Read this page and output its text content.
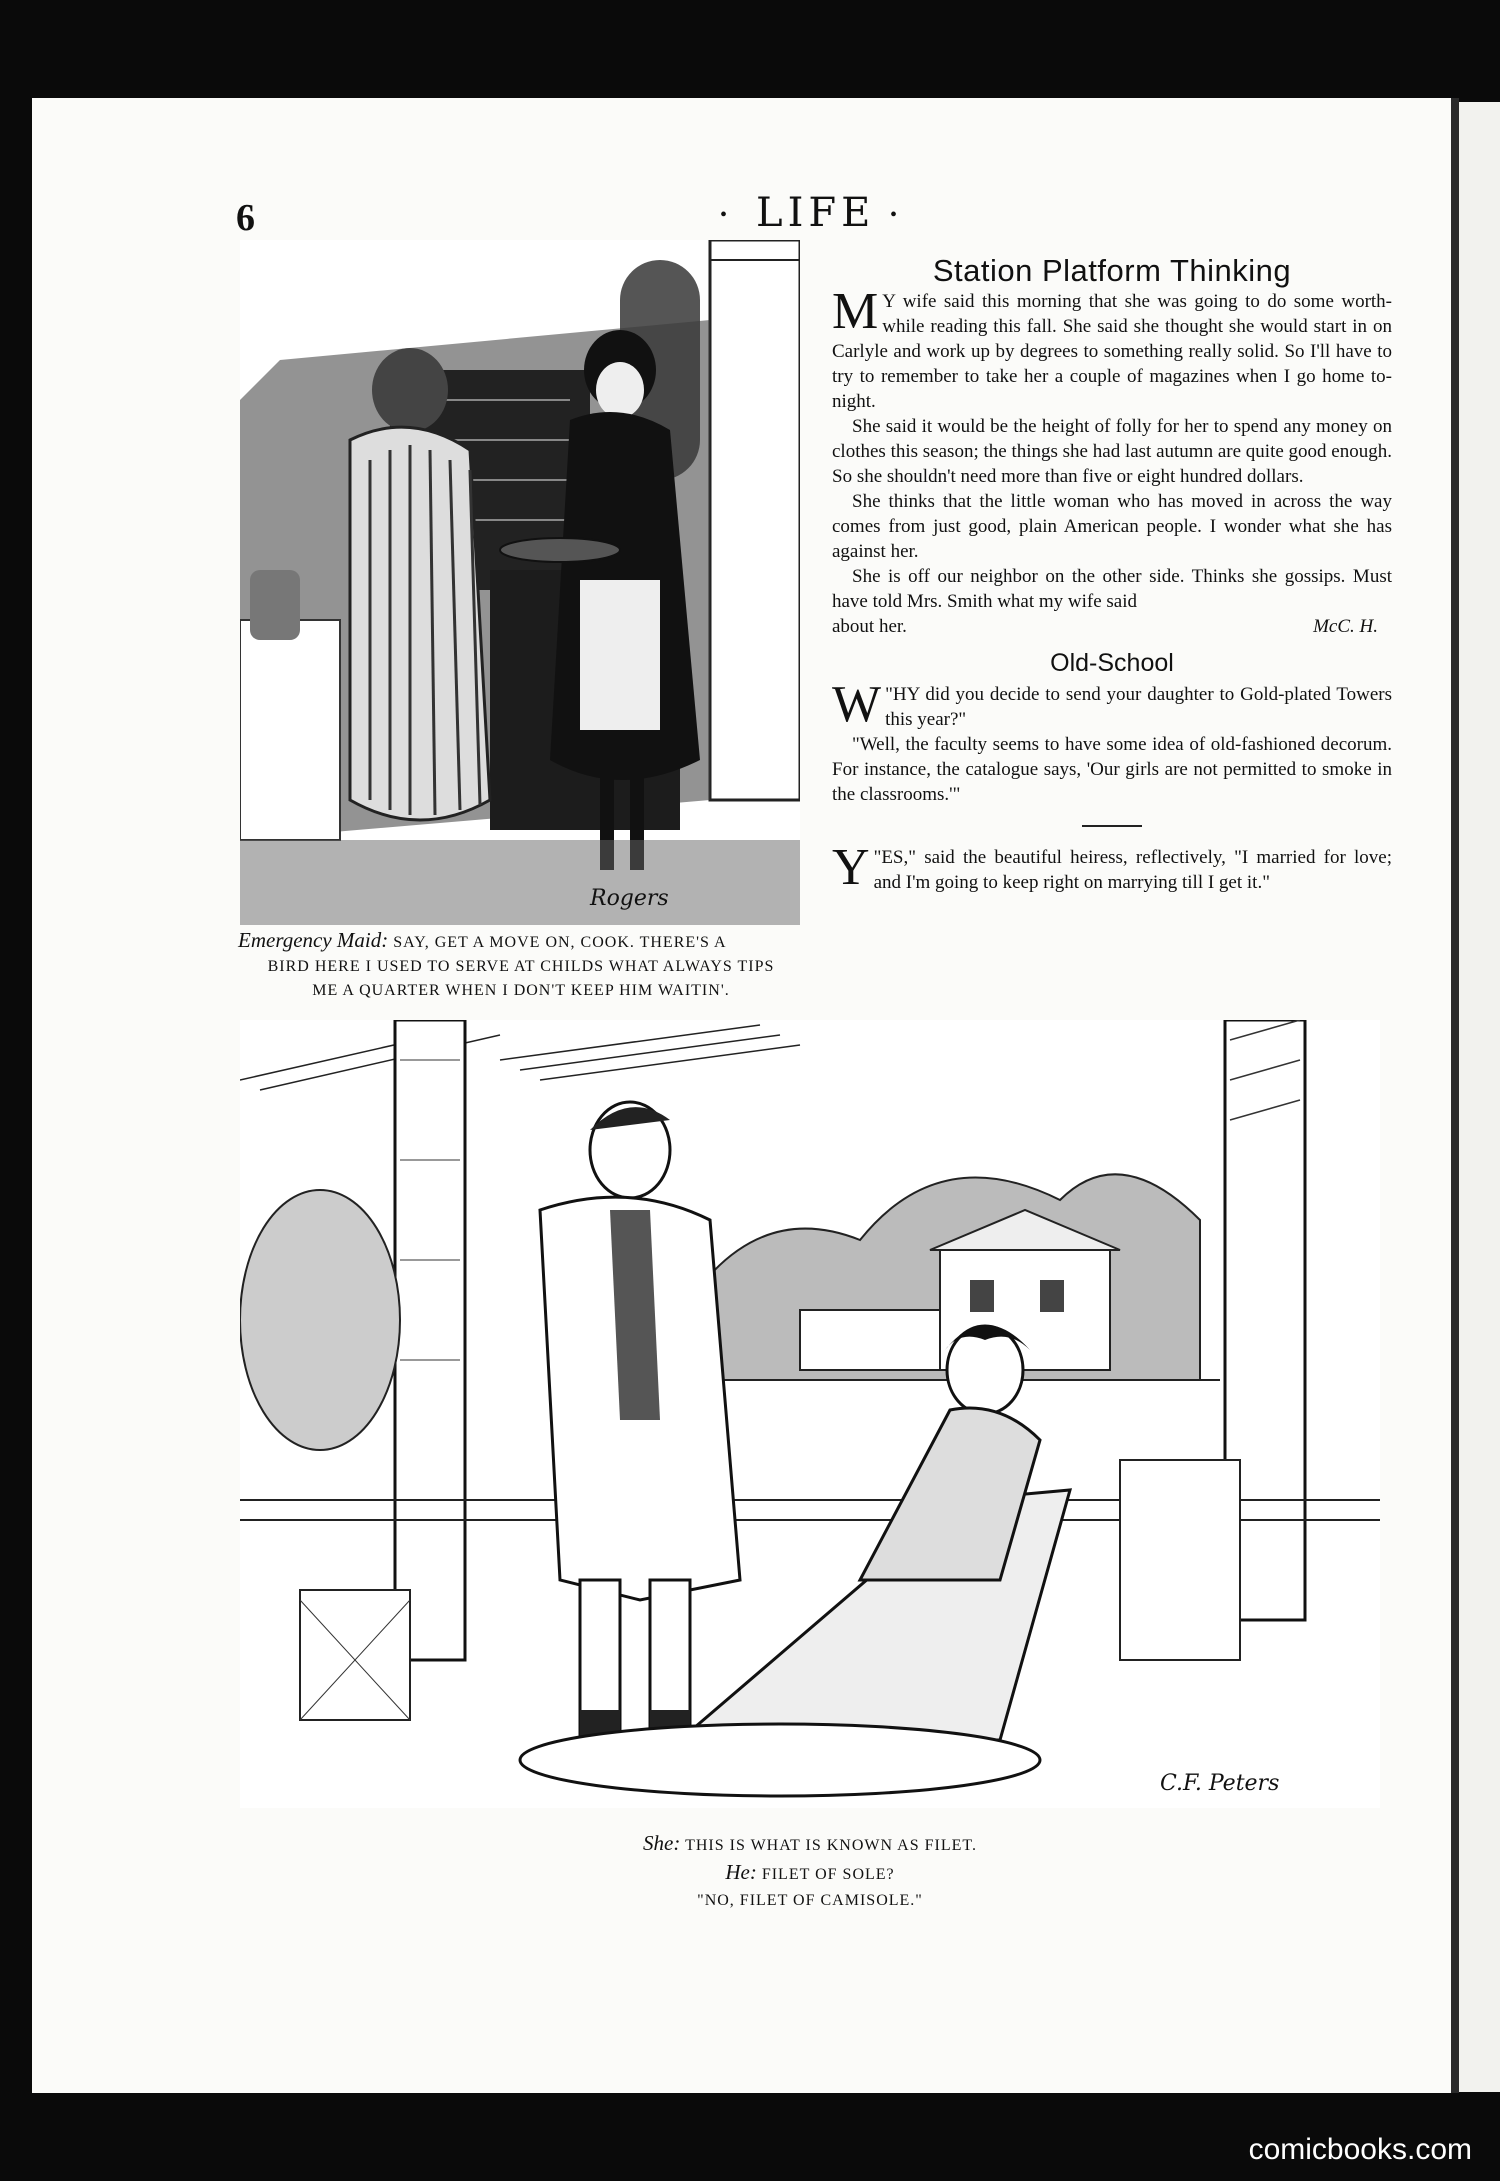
6	• LIFE •
Rogers
Emergency Maid: SAY, GET A MOVE ON, COOK. THERE'S A
BIRD HERE I USED TO SERVE AT CHILDS WHAT ALWAYS TIPS
ME A QUARTER WHEN I DON'T KEEP HIM WAITIN'.
Station Platform Thinking

M Y wife said this morning that she was going to do some worth-while reading this fall. She said she thought she would start in on Carlyle and work up by degrees to something really solid. So I'll have to try to remember to take her a couple of magazines when I go home to-night.

She said it would be the height of folly for her to spend any money on clothes this season; the things she had last autumn are quite good enough. So she shouldn't need more than five or eight hundred dollars.

She thinks that the little woman who has moved in across the way comes from just good, plain American people. I wonder what she has against her.

She is off our neighbor on the other side. Thinks she gossips. Must have told Mrs. Smith what my wife said

about her.	McC. H.
Old-School

"
W HY did you decide to send your daughter to Gold-plated Towers this year?"

"Well, the faculty seems to have some idea of old-fashioned decorum. For instance, the catalogue says, 'Our girls are not permitted to smoke in the classrooms.'"

"
Y ES," said the beautiful heiress, reflectively, "I married for love; and I'm going to keep right on marrying till I get it."

C.F. Peters
She: THIS IS WHAT IS KNOWN AS FILET.
He: FILET OF SOLE?
"NO, FILET OF CAMISOLE."
comicbooks.com
